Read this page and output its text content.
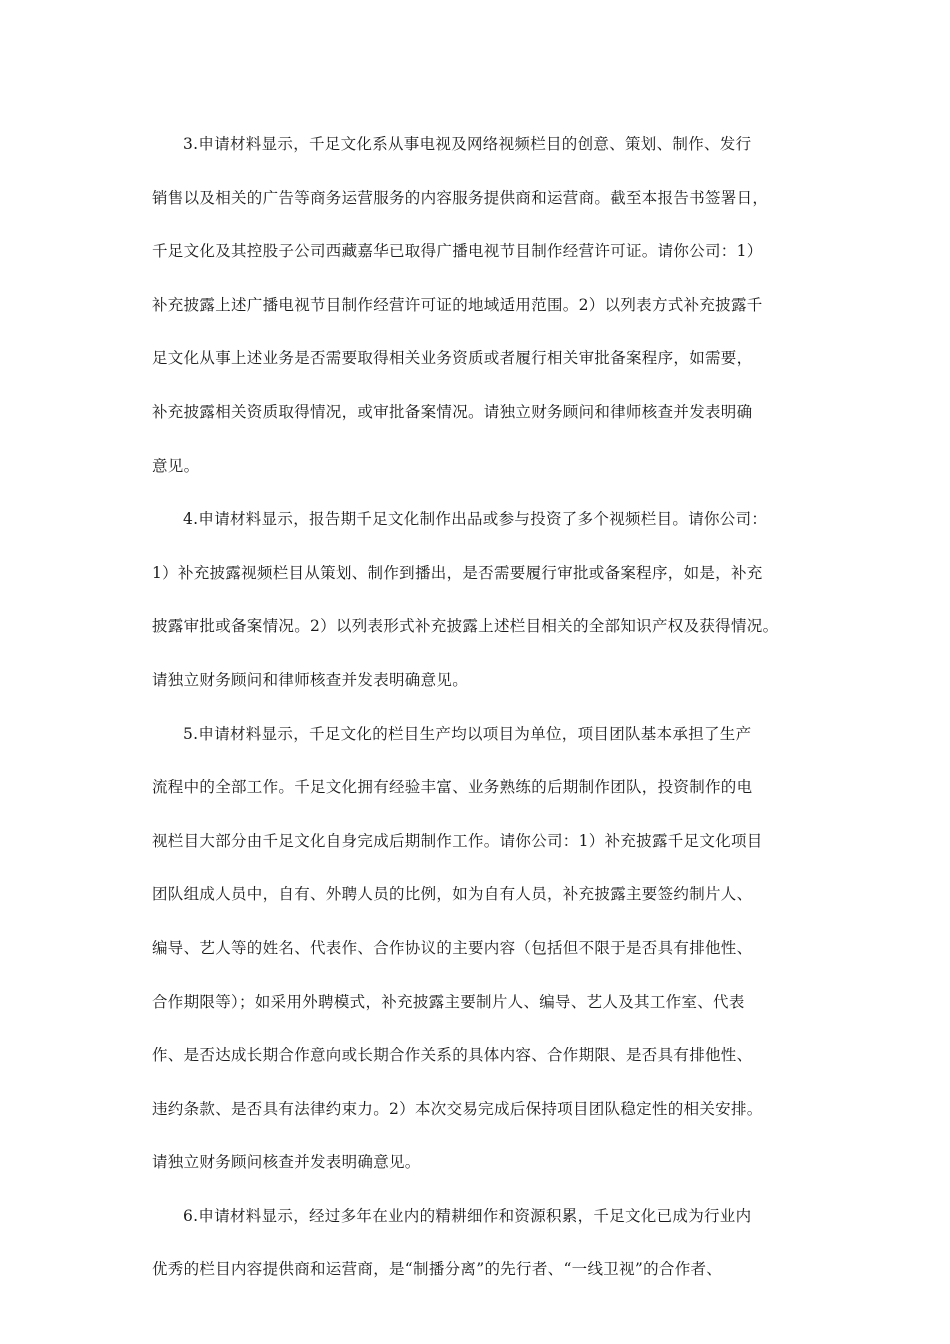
3.申请材料显示，千足文化系从事电视及网络视频栏目的创意、策划、制作、发行
销售以及相关的广告等商务运营服务的内容服务提供商和运营商。截至本报告书签署日，
千足文化及其控股子公司西藏嘉华已取得广播电视节目制作经营许可证。请你公司：1）
补充披露上述广播电视节目制作经营许可证的地域适用范围。2）以列表方式补充披露千
足文化从事上述业务是否需要取得相关业务资质或者履行相关审批备案程序，如需要，
补充披露相关资质取得情况，或审批备案情况。请独立财务顾问和律师核查并发表明确
意见。
4.申请材料显示，报告期千足文化制作出品或参与投资了多个视频栏目。请你公司：
1）补充披露视频栏目从策划、制作到播出，是否需要履行审批或备案程序，如是，补充
披露审批或备案情况。2）以列表形式补充披露上述栏目相关的全部知识产权及获得情况。
请独立财务顾问和律师核查并发表明确意见。
5.申请材料显示，千足文化的栏目生产均以项目为单位，项目团队基本承担了生产
流程中的全部工作。千足文化拥有经验丰富、业务熟练的后期制作团队，投资制作的电
视栏目大部分由千足文化自身完成后期制作工作。请你公司：1）补充披露千足文化项目
团队组成人员中，自有、外聘人员的比例，如为自有人员，补充披露主要签约制片人、
编导、艺人等的姓名、代表作、合作协议的主要内容（包括但不限于是否具有排他性、
合作期限等）；如采用外聘模式，补充披露主要制片人、编导、艺人及其工作室、代表
作、是否达成长期合作意向或长期合作关系的具体内容、合作期限、是否具有排他性、
违约条款、是否具有法律约束力。2）本次交易完成后保持项目团队稳定性的相关安排。
请独立财务顾问核查并发表明确意见。
6.申请材料显示，经过多年在业内的精耕细作和资源积累，千足文化已成为行业内
优秀的栏目内容提供商和运营商，是“制播分离”的先行者、“一线卫视”的合作者、
